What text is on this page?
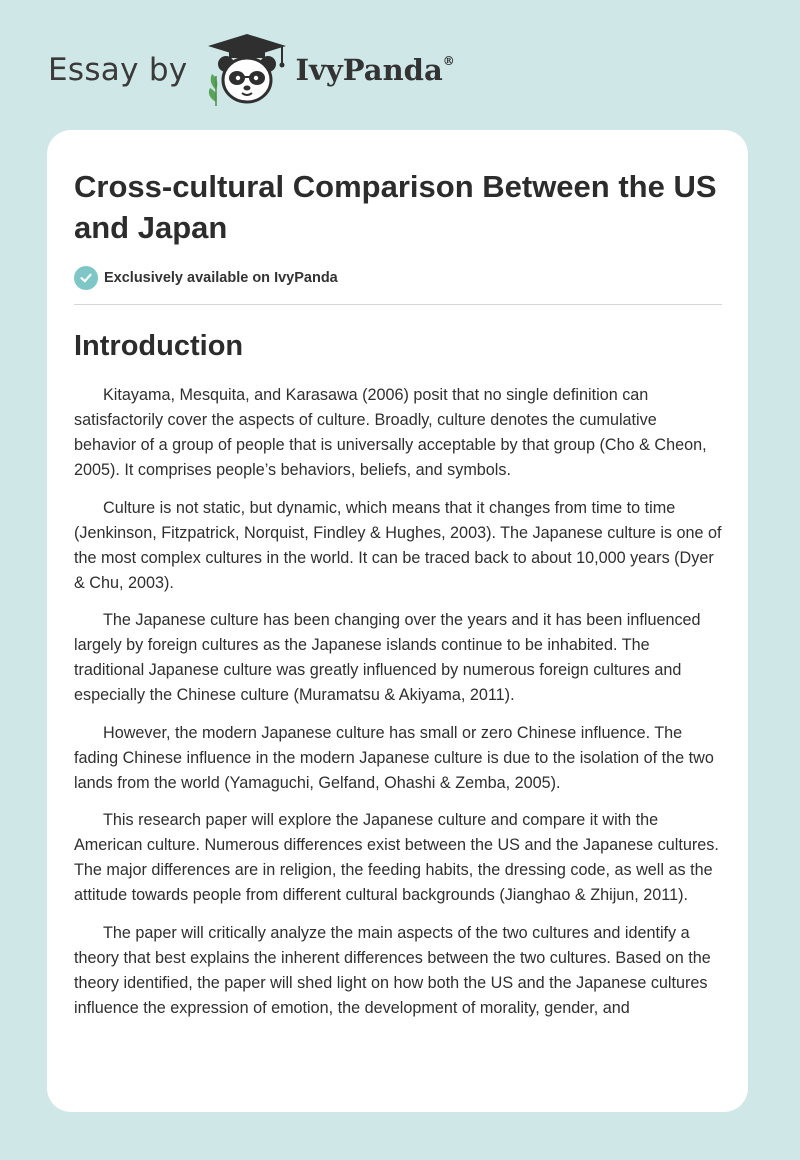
Essay by	IvyPanda®
Cross-cultural Comparison Between the US and Japan
Exclusively available on IvyPanda
Introduction

Kitayama, Mesquita, and Karasawa (2006) posit that no single definition can satisfactorily cover the aspects of culture. Broadly, culture denotes the cumulative behavior of a group of people that is universally acceptable by that group (Cho & Cheon, 2005). It comprises people’s behaviors, beliefs, and symbols.

Culture is not static, but dynamic, which means that it changes from time to time (Jenkinson, Fitzpatrick, Norquist, Findley & Hughes, 2003). The Japanese culture is one of the most complex cultures in the world. It can be traced back to about 10,000 years (Dyer & Chu, 2003).

The Japanese culture has been changing over the years and it has been influenced largely by foreign cultures as the Japanese islands continue to be inhabited. The traditional Japanese culture was greatly influenced by numerous foreign cultures and especially the Chinese culture (Muramatsu & Akiyama, 2011).

However, the modern Japanese culture has small or zero Chinese influence. The fading Chinese influence in the modern Japanese culture is due to the isolation of the two lands from the world (Yamaguchi, Gelfand, Ohashi & Zemba, 2005).

This research paper will explore the Japanese culture and compare it with the American culture. Numerous differences exist between the US and the Japanese cultures. The major differences are in religion, the feeding habits, the dressing code, as well as the attitude towards people from different cultural backgrounds (Jianghao & Zhijun, 2011).

The paper will critically analyze the main aspects of the two cultures and identify a theory that best explains the inherent differences between the two cultures. Based on the theory identified, the paper will shed light on how both the US and the Japanese cultures influence the expression of emotion, the development of morality, gender, and
